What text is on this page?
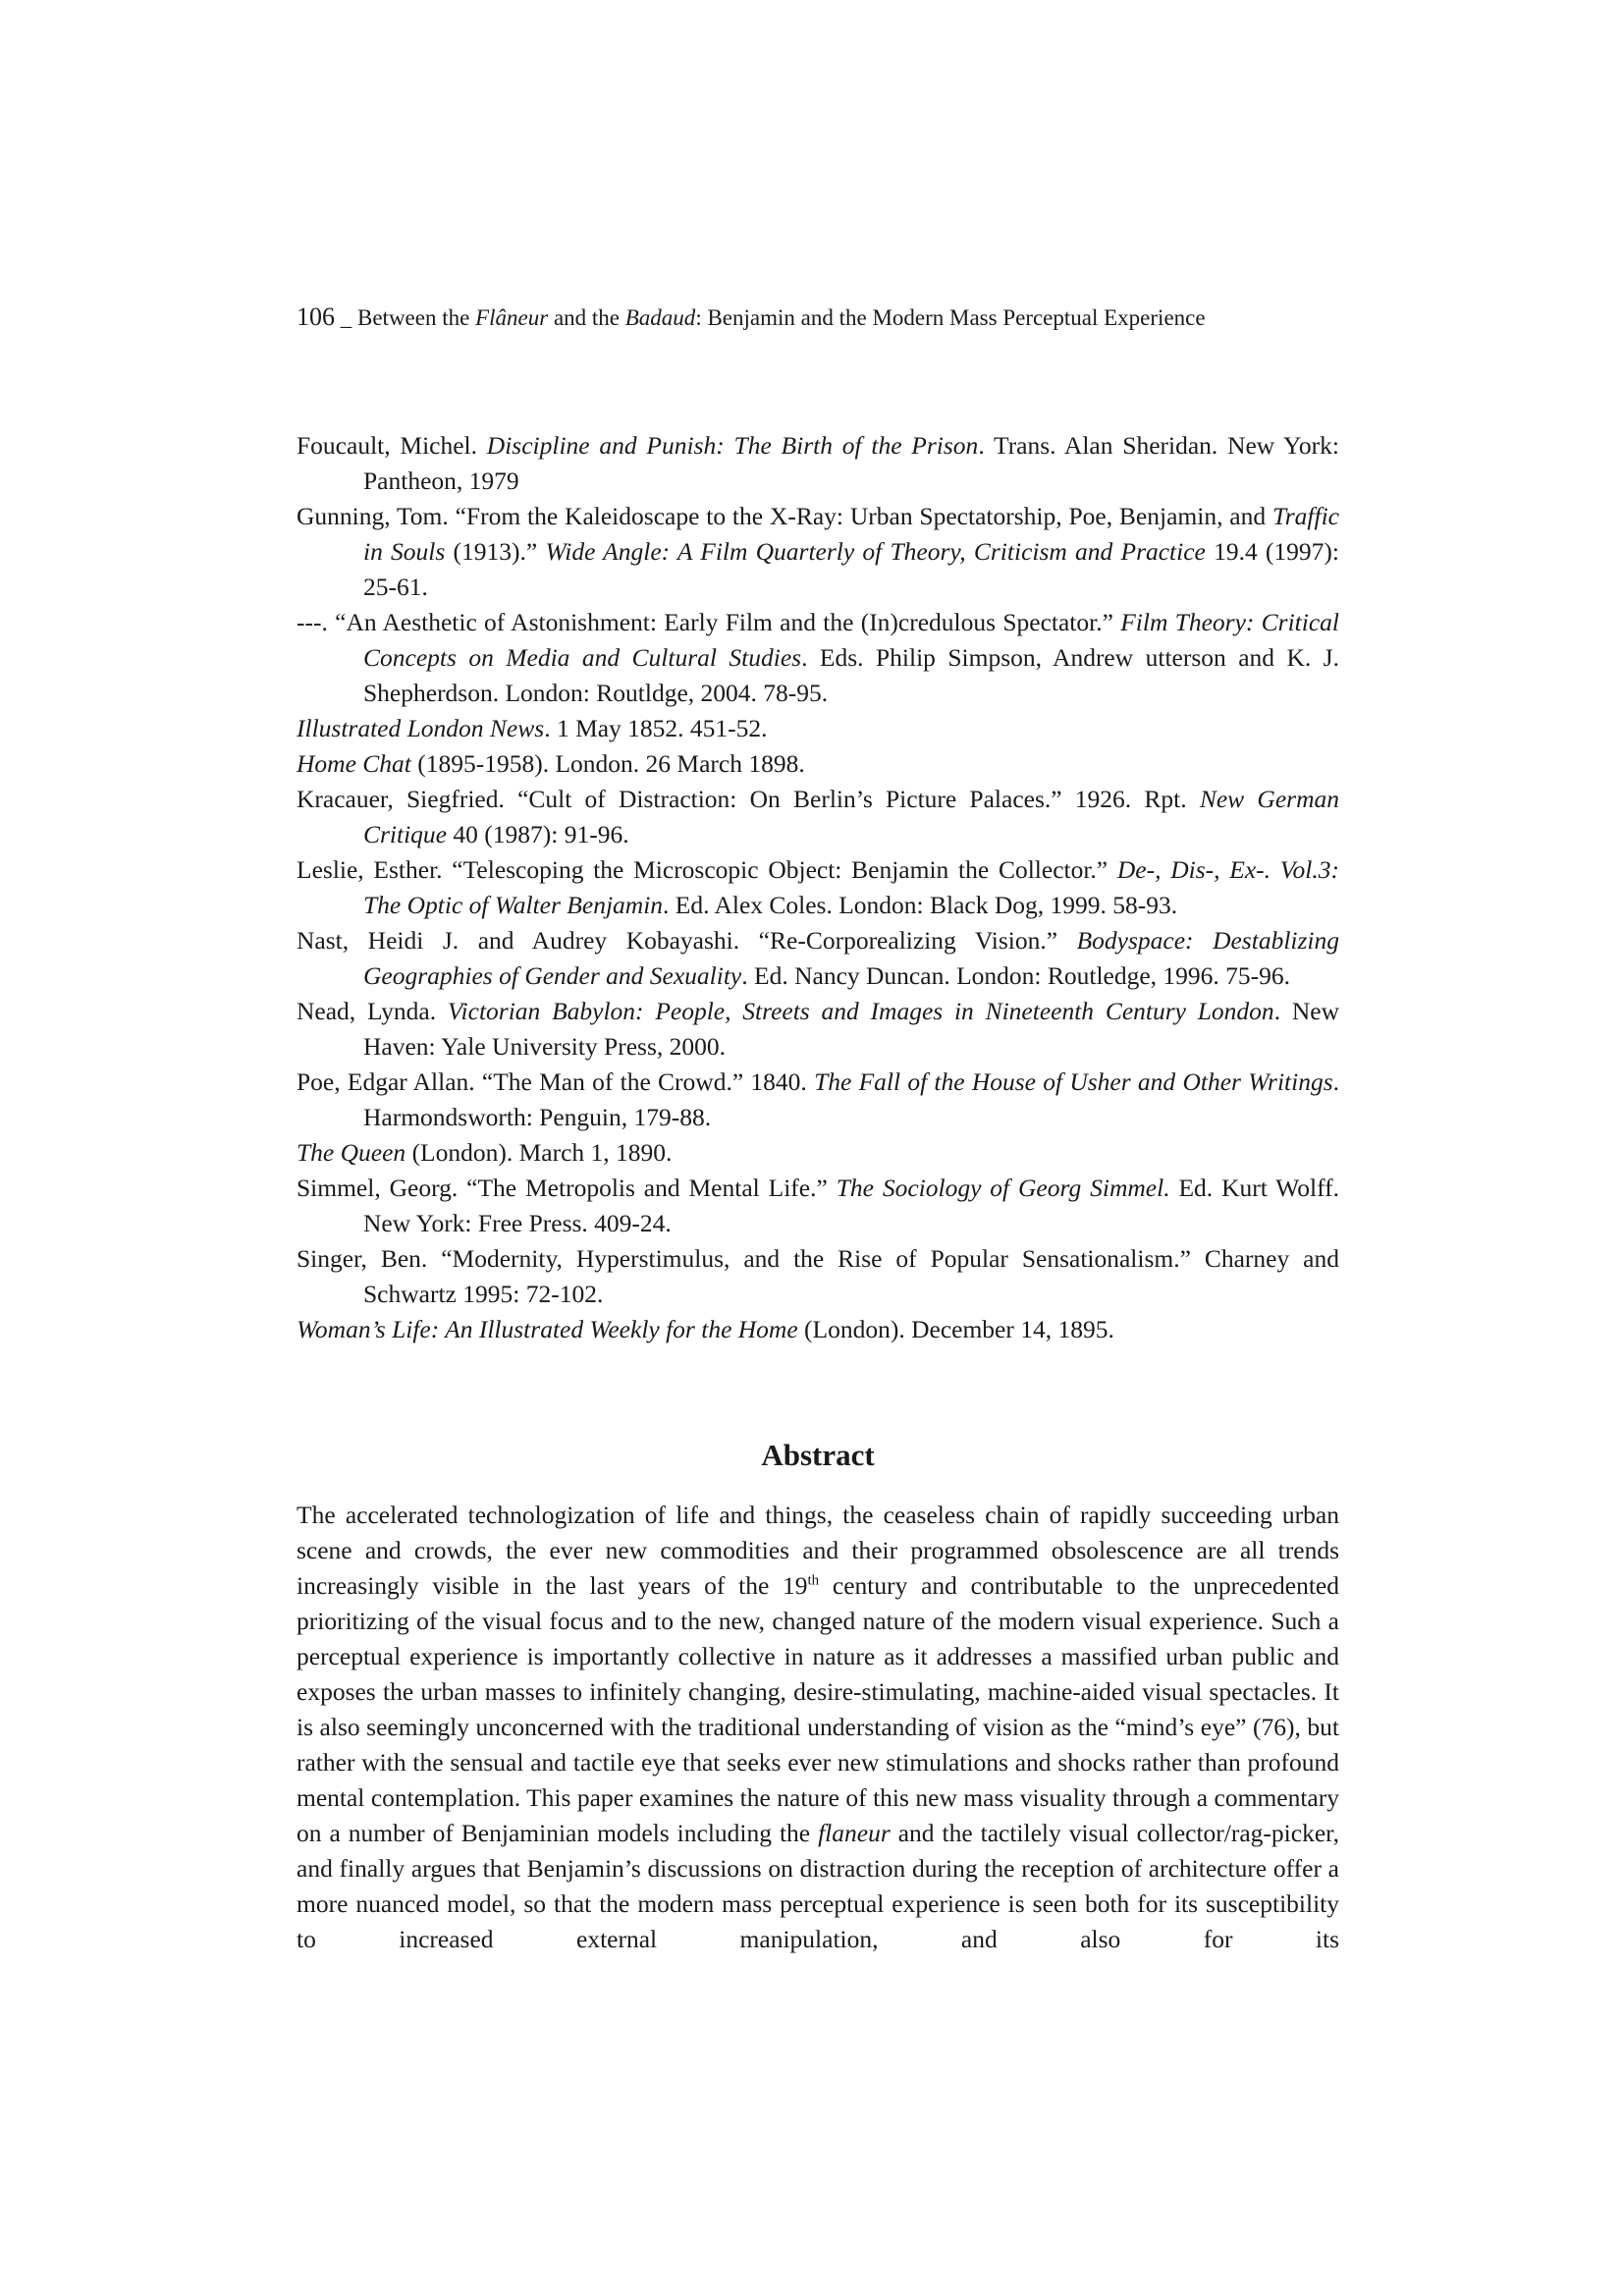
106 _ Between the Flâneur and the Badaud: Benjamin and the Modern Mass Perceptual Experience
Foucault, Michel. Discipline and Punish: The Birth of the Prison. Trans. Alan Sheridan. New York: Pantheon, 1979
Gunning, Tom. “From the Kaleidoscape to the X-Ray: Urban Spectatorship, Poe, Benjamin, and Traffic in Souls (1913).” Wide Angle: A Film Quarterly of Theory, Criticism and Practice 19.4 (1997): 25-61.
---. “An Aesthetic of Astonishment: Early Film and the (In)credulous Spectator.” Film Theory: Critical Concepts on Media and Cultural Studies. Eds. Philip Simpson, Andrew utterson and K. J. Shepherdson. London: Routldge, 2004. 78-95.
Illustrated London News. 1 May 1852. 451-52.
Home Chat (1895-1958). London. 26 March 1898.
Kracauer, Siegfried. “Cult of Distraction: On Berlin’s Picture Palaces.” 1926. Rpt. New German Critique 40 (1987): 91-96.
Leslie, Esther. “Telescoping the Microscopic Object: Benjamin the Collector.” De-, Dis-, Ex-. Vol.3: The Optic of Walter Benjamin. Ed. Alex Coles. London: Black Dog, 1999. 58-93.
Nast, Heidi J. and Audrey Kobayashi. “Re-Corporealizing Vision.” Bodyspace: Destablizing Geographies of Gender and Sexuality. Ed. Nancy Duncan. London: Routledge, 1996. 75-96.
Nead, Lynda. Victorian Babylon: People, Streets and Images in Nineteenth Century London. New Haven: Yale University Press, 2000.
Poe, Edgar Allan. “The Man of the Crowd.” 1840. The Fall of the House of Usher and Other Writings. Harmondsworth: Penguin, 179-88.
The Queen (London). March 1, 1890.
Simmel, Georg. “The Metropolis and Mental Life.” The Sociology of Georg Simmel. Ed. Kurt Wolff. New York: Free Press. 409-24.
Singer, Ben. “Modernity, Hyperstimulus, and the Rise of Popular Sensationalism.” Charney and Schwartz 1995: 72-102.
Woman’s Life: An Illustrated Weekly for the Home (London). December 14, 1895.
Abstract
The accelerated technologization of life and things, the ceaseless chain of rapidly succeeding urban scene and crowds, the ever new commodities and their programmed obsolescence are all trends increasingly visible in the last years of the 19th century and contributable to the unprecedented prioritizing of the visual focus and to the new, changed nature of the modern visual experience. Such a perceptual experience is importantly collective in nature as it addresses a massified urban public and exposes the urban masses to infinitely changing, desire-stimulating, machine-aided visual spectacles. It is also seemingly unconcerned with the traditional understanding of vision as the “mind’s eye” (76), but rather with the sensual and tactile eye that seeks ever new stimulations and shocks rather than profound mental contemplation. This paper examines the nature of this new mass visuality through a commentary on a number of Benjaminian models including the flaneur and the tactilely visual collector/rag-picker, and finally argues that Benjamin’s discussions on distraction during the reception of architecture offer a more nuanced model, so that the modern mass perceptual experience is seen both for its susceptibility to increased external manipulation, and also for its
